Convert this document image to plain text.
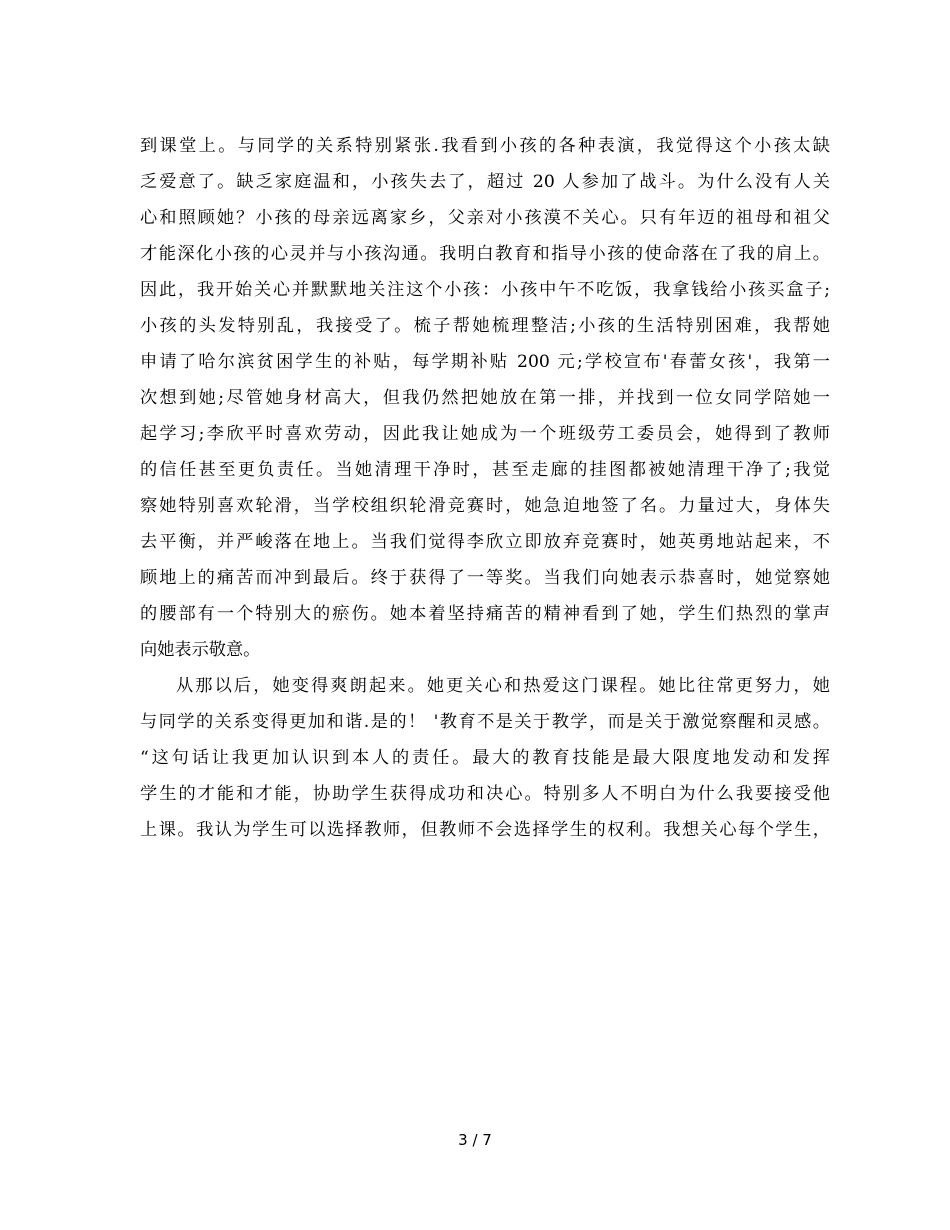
到课堂上。与同学的关系特别紧张.我看到小孩的各种表演，我觉得这个小孩太缺
乏爱意了。缺乏家庭温和，小孩失去了，超过 20 人参加了战斗。为什么没有人关
心和照顾她？小孩的母亲远离家乡，父亲对小孩漠不关心。只有年迈的祖母和祖父
才能深化小孩的心灵并与小孩沟通。我明白教育和指导小孩的使命落在了我的肩上。
因此，我开始关心并默默地关注这个小孩：小孩中午不吃饭，我拿钱给小孩买盒子;
小孩的头发特别乱，我接受了。梳子帮她梳理整洁;小孩的生活特别困难，我帮她
申请了哈尔滨贫困学生的补贴，每学期补贴 200 元;学校宣布'春蕾女孩'，我第一
次想到她;尽管她身材高大，但我仍然把她放在第一排，并找到一位女同学陪她一
起学习;李欣平时喜欢劳动，因此我让她成为一个班级劳工委员会，她得到了教师
的信任甚至更负责任。当她清理干净时，甚至走廊的挂图都被她清理干净了;我觉
察她特别喜欢轮滑，当学校组织轮滑竞赛时，她急迫地签了名。力量过大，身体失
去平衡，并严峻落在地上。当我们觉得李欣立即放弃竞赛时，她英勇地站起来，不
顾地上的痛苦而冲到最后。终于获得了一等奖。当我们向她表示恭喜时，她觉察她
的腰部有一个特别大的瘀伤。她本着坚持痛苦的精神看到了她，学生们热烈的掌声
向她表示敬意。
从那以后，她变得爽朗起来。她更关心和热爱这门课程。她比往常更努力，她
与同学的关系变得更加和谐.是的！ '教育不是关于教学，而是关于激觉察醒和灵感。
“这句话让我更加认识到本人的责任。最大的教育技能是最大限度地发动和发挥
学生的才能和才能，协助学生获得成功和决心。特别多人不明白为什么我要接受他
上课。我认为学生可以选择教师，但教师不会选择学生的权利。我想关心每个学生，
3 / 7
